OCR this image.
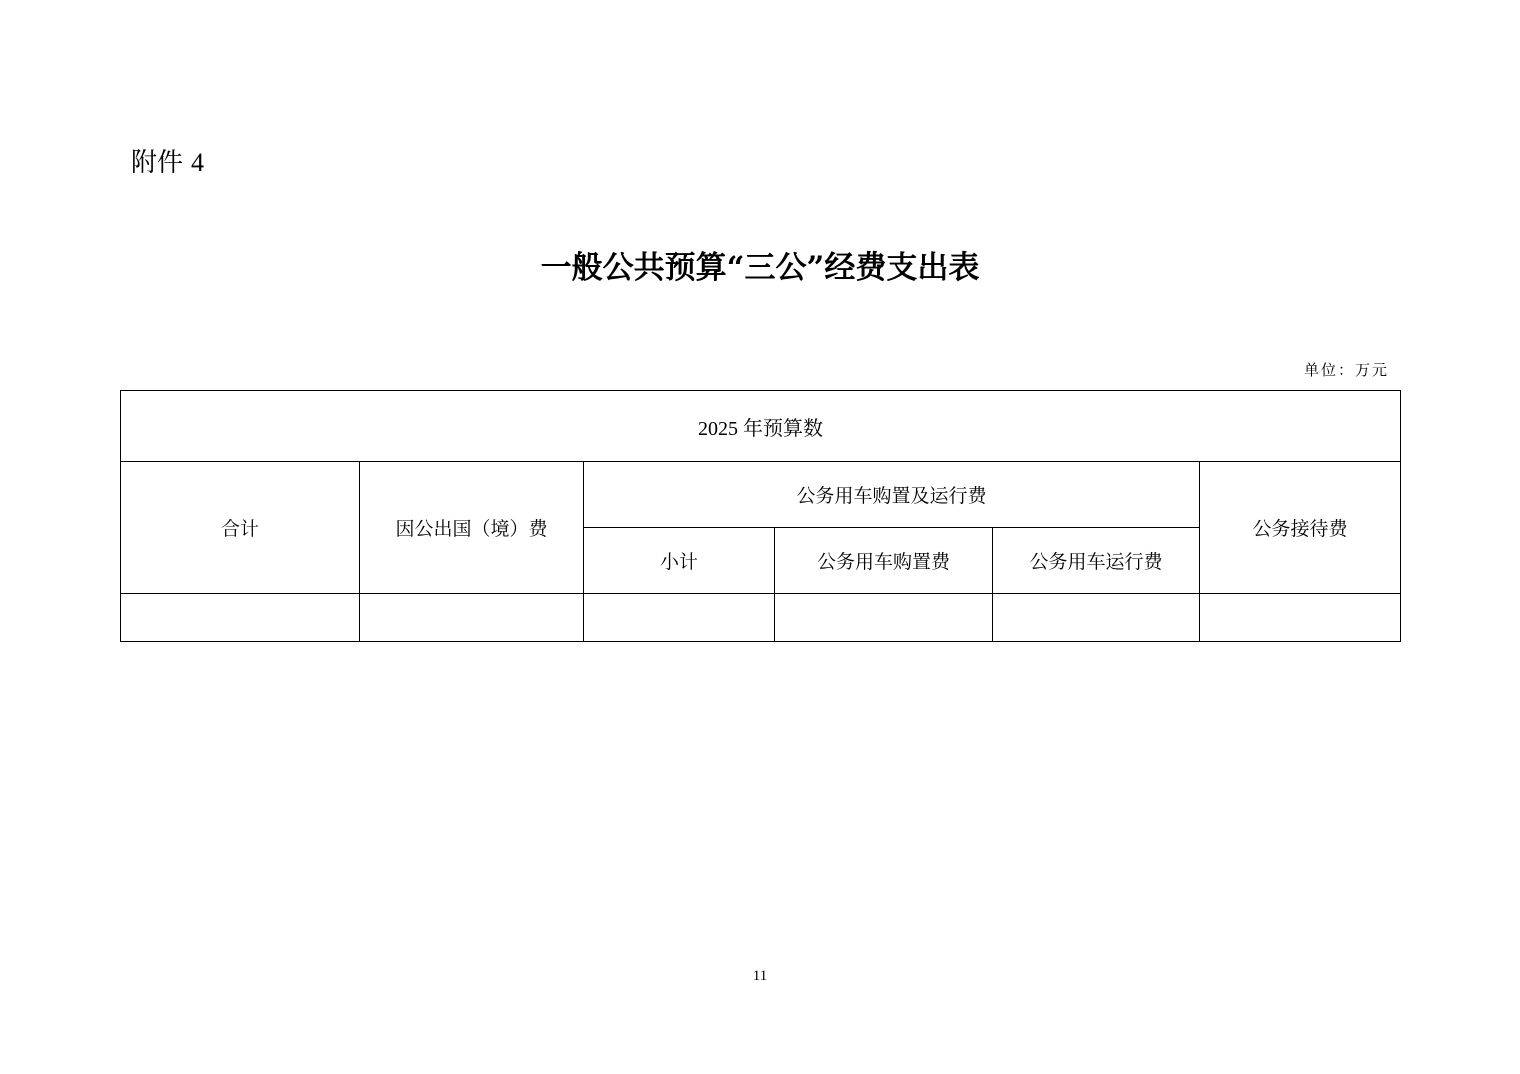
附件 4
一般公共预算“三公”经费支出表
单位：万元
2025 年预算数					
合计	因公出国（境）费	公务用车购置及运行费			公务接待费
		小计	公务用车购置费	公务用车运行费	

11
